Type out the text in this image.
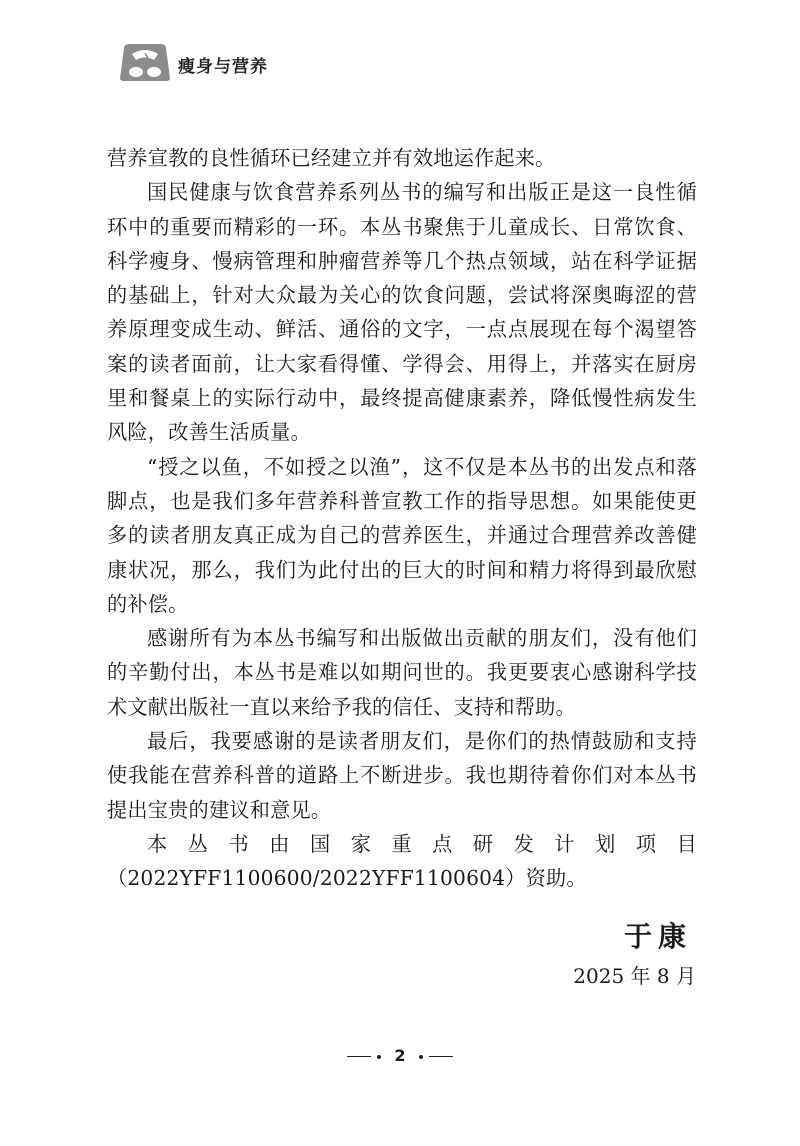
瘦身与营养

营养宣教的良性循环已经建立并有效地运作起来。

国民健康与饮食营养系列丛书的编写和出版正是这一良性循环中的重要而精彩的一环。本丛书聚焦于儿童成长、日常饮食、科学瘦身、慢病管理和肿瘤营养等几个热点领域，站在科学证据的基础上，针对大众最为关心的饮食问题，尝试将深奥晦涩的营养原理变成生动、鲜活、通俗的文字，一点点展现在每个渴望答案的读者面前，让大家看得懂、学得会、用得上，并落实在厨房里和餐桌上的实际行动中，最终提高健康素养，降低慢性病发生风险，改善生活质量。

“授之以鱼，不如授之以渔”，这不仅是本丛书的出发点和落脚点，也是我们多年营养科普宣教工作的指导思想。如果能使更多的读者朋友真正成为自己的营养医生，并通过合理营养改善健康状况，那么，我们为此付出的巨大的时间和精力将得到最欣慰的补偿。

感谢所有为本丛书编写和出版做出贡献的朋友们，没有他们的辛勤付出，本丛书是难以如期问世的。我更要衷心感谢科学技术文献出版社一直以来给予我的信任、支持和帮助。

最后，我要感谢的是读者朋友们，是你们的热情鼓励和支持使我能在营养科普的道路上不断进步。我也期待着你们对本丛书提出宝贵的建议和意见。

本丛书由国家重点研发计划项目（2022YFF1100600/2022YFF1100604）资助。

于康
2025 年 8 月
2
